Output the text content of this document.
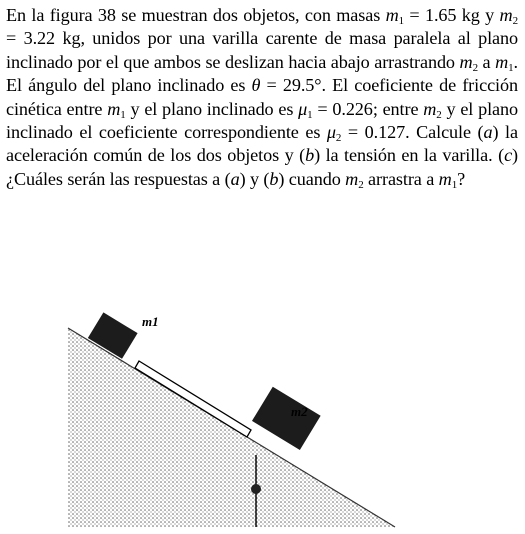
En la figura 38 se muestran dos objetos, con masas $m_1 = 1.65$ kg y $m_2 = 3.22$ kg, unidos por una varilla carente de masa paralela al plano inclinado por el que ambos se deslizan hacia abajo arrastrando $m_2$ a $m_1$. El ángulo del plano inclinado es θ = 29.5°. El coeficiente de fricción cinética entre $m_1$ y el plano inclinado es $\mu_1 = 0.226$; entre $m_2$ y el plano inclinado el coeficiente correspondiente es $\mu_2 = 0.127$. Calcule (a) la aceleración común de los dos objetos y (b) la tensión en la varilla. (c) ¿Cuáles serán las respuestas a (a) y (b) cuando $m_2$ arrastra a $m_1$?
m1
m2
